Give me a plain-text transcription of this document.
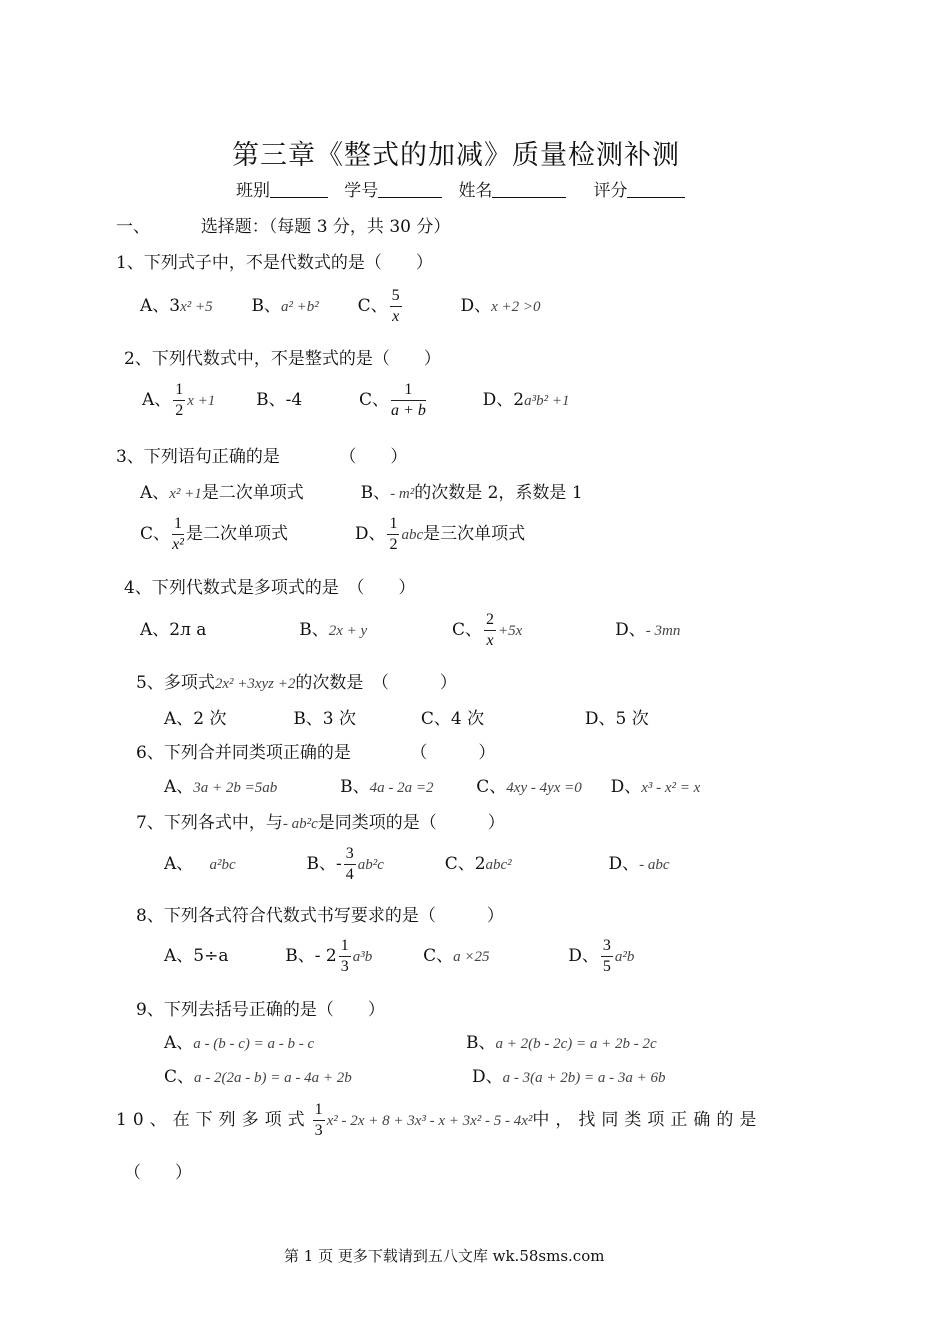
第三章《整式的加减》质量检测补测
班别	学号	姓名	评分
一、	选择题：（每题 3 分，共 30 分）
1、下列式子中，不是代数式的是（　　）
A、3x² +5 B、a² +b² C、 $\frac{5}{x}$	D、x +2 >0
2、下列代数式中，不是整式的是（　　）
A、 $\frac{1}{2}$ x +1 B、-4	C、 $\frac{1}{a + b}$	D、2a³b² +1
3、下列语句正确的是　　　　（　　）
A、x² +1是二次单项式	B、- m²的次数是 2，系数是 1
C、 $\frac{1}{\text{x²}}$ 是二次单项式	D、 $\frac{1}{2}$ abc是三次单项式
4、下列代数式是多项式的是　（　　）
A、2л a	B、2x + y	C、 $\frac{2}{x} +5x$	D、- 3mn
5、多项式2x² +3xyz +2的次数是　（　　　）
A、2 次	B、3 次	C、4 次	D、5 次
6、下列合并同类项正确的是　　　　（　　　）
A、3a + 2b =5ab	B、4a - 2a =2	C、4xy - 4yx =0 D、x³ - x² = x
7、下列各式中，与- ab²c是同类项的是（　　　）
A、 a²bc	B、- $\frac{3}{4} ab^2c$	C、2abc²	D、- abc
8、下列各式符合代数式书写要求的是（　　　）
A、5÷a	B、- $2 \frac{1}{3} a^3b$	C、a ×25	D、 $\frac{3}{5} a^2b$
9、下列去括号正确的是（　　）
A、a - (b - c) = a - b - c	B、a + 2(b - 2c) = a + 2b - 2c
C、a - 2(2a - b) = a - 4a + 2b	D、a - 3(a + 2b) = a - 3a + 6b
10、在下列多项式 $\frac{1}{3} x^2 - 2x + 8 + 3x^3 - x + 3x^2 - 5 - 4x^2$中，找同类项正确的是
（　　）
第 1 页 更多下载请到五八文库 wk.58sms.com
